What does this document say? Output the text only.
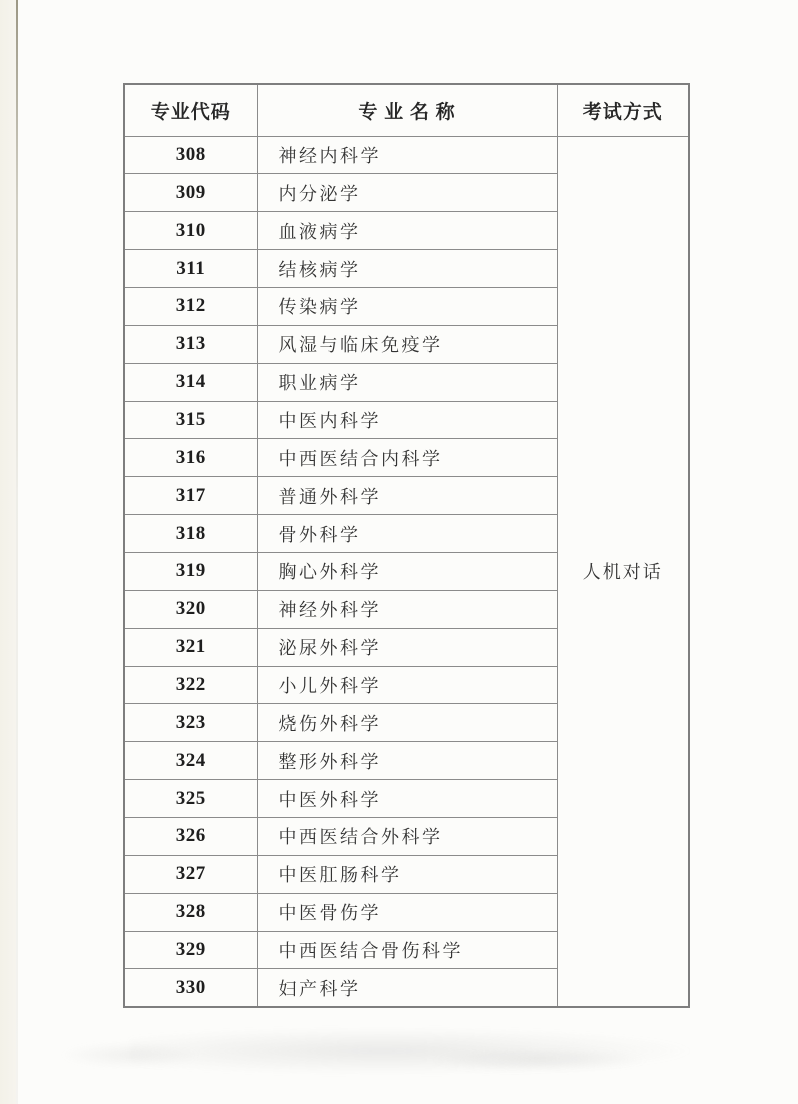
专业代码	专 业 名 称	考试方式
308	神经内科学	人机对话
309	内分泌学	
310	血液病学	
311	结核病学	
312	传染病学	
313	风湿与临床免疫学	
314	职业病学	
315	中医内科学	
316	中西医结合内科学	
317	普通外科学	
318	骨外科学	
319	胸心外科学	
320	神经外科学	
321	泌尿外科学	
322	小儿外科学	
323	烧伤外科学	
324	整形外科学	
325	中医外科学	
326	中西医结合外科学	
327	中医肛肠科学	
328	中医骨伤学	
329	中西医结合骨伤科学	
330	妇产科学	
